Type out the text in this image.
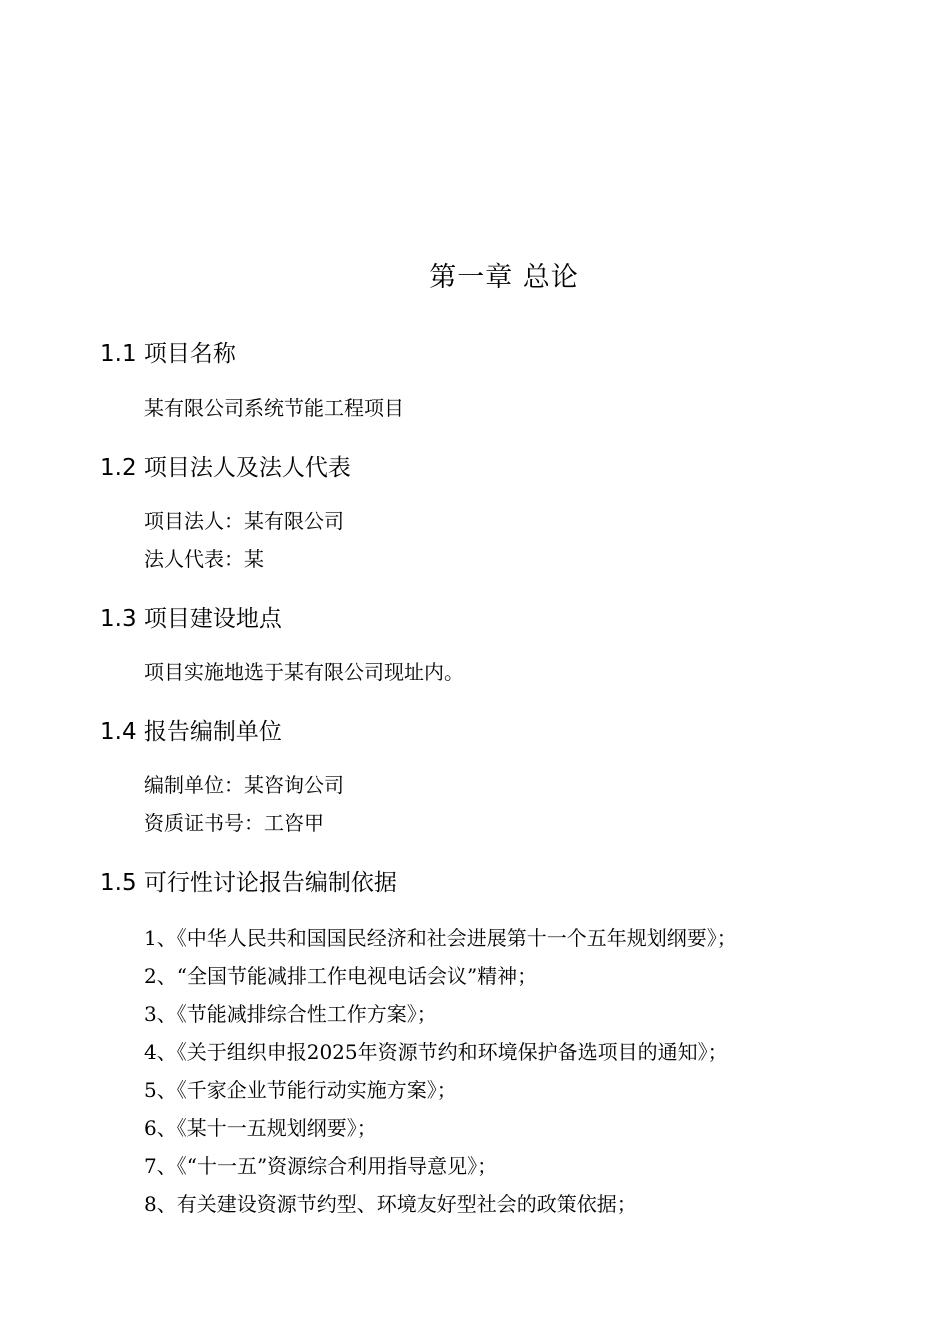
第一章 总论
1.1 项目名称
某有限公司系统节能工程项目
1.2 项目法人及法人代表
项目法人：某有限公司
法人代表：某
1.3 项目建设地点
项目实施地选于某有限公司现址内。
1.4 报告编制单位
编制单位：某咨询公司
资质证书号：工咨甲
1.5 可行性讨论报告编制依据
1、《中华人民共和国国民经济和社会进展第十一个五年规划纲要》；
2、“全国节能减排工作电视电话会议”精神；
3、《节能减排综合性工作方案》；
4、《关于组织申报2025年资源节约和环境保护备选项目的通知》；
5、《千家企业节能行动实施方案》；
6、《某十一五规划纲要》；
7、《“十一五”资源综合利用指导意见》；
8、有关建设资源节约型、环境友好型社会的政策依据；
